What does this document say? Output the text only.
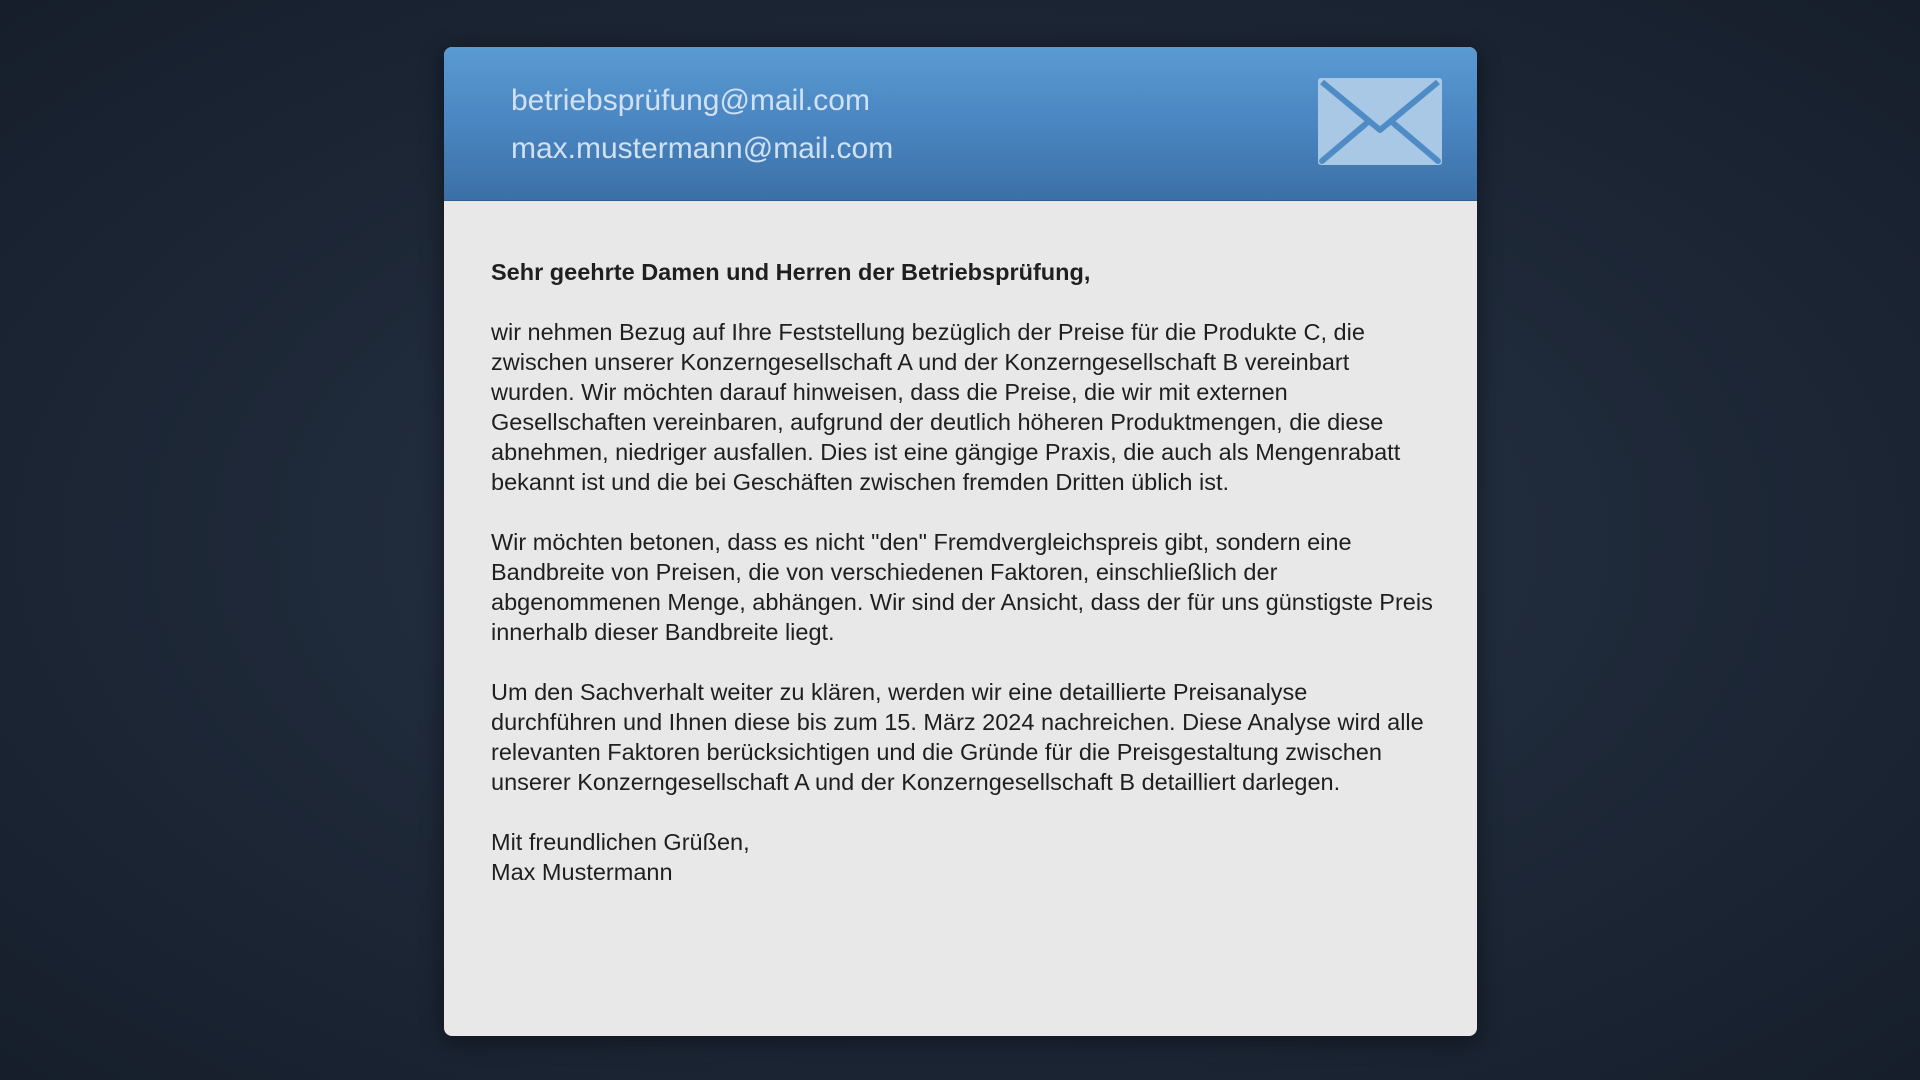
betriebsprüfung@mail.com
max.mustermann@mail.com

Sehr geehrte Damen und Herren der Betriebsprüfung,

wir nehmen Bezug auf Ihre Feststellung bezüglich der Preise für die Produkte C, die zwischen unserer Konzerngesellschaft A und der Konzerngesellschaft B vereinbart wurden. Wir möchten darauf hinweisen, dass die Preise, die wir mit externen Gesellschaften vereinbaren, aufgrund der deutlich höheren Produktmengen, die diese abnehmen, niedriger ausfallen. Dies ist eine gängige Praxis, die auch als Mengenrabatt bekannt ist und die bei Geschäften zwischen fremden Dritten üblich ist.

Wir möchten betonen, dass es nicht "den" Fremdvergleichspreis gibt, sondern eine Bandbreite von Preisen, die von verschiedenen Faktoren, einschließlich der abgenommenen Menge, abhängen. Wir sind der Ansicht, dass der für uns günstigste Preis innerhalb dieser Bandbreite liegt.

Um den Sachverhalt weiter zu klären, werden wir eine detaillierte Preisanalyse durchführen und Ihnen diese bis zum 15. März 2024 nachreichen. Diese Analyse wird alle relevanten Faktoren berücksichtigen und die Gründe für die Preisgestaltung zwischen unserer Konzerngesellschaft A und der Konzerngesellschaft B detailliert darlegen.

Mit freundlichen Grüßen,

Max Mustermann
